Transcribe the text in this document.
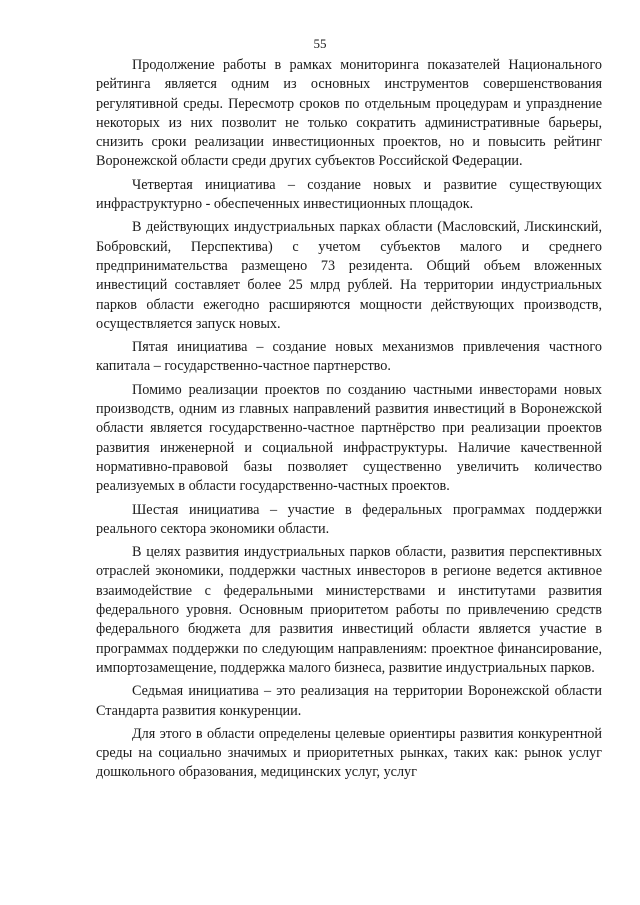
55

Продолжение работы в рамках мониторинга показателей Национального рейтинга является одним из основных инструментов совершенствования регулятивной среды. Пересмотр сроков по отдельным процедурам и упразднение некоторых из них позволит не только сократить административные барьеры, снизить сроки реализации инвестиционных проектов, но и повысить рейтинг Воронежской области среди других субъектов Российской Федерации.

Четвертая инициатива – создание новых и развитие существующих инфраструктурно - обеспеченных инвестиционных площадок.

В действующих индустриальных парках области (Масловский, Лискинский, Бобровский, Перспектива) с учетом субъектов малого и среднего предпринимательства размещено 73 резидента. Общий объем вложенных инвестиций составляет более 25 млрд рублей. На территории индустриальных парков области ежегодно расширяются мощности действующих производств, осуществляется запуск новых.

Пятая инициатива – создание новых механизмов привлечения частного капитала – государственно-частное партнерство.

Помимо реализации проектов по созданию частными инвесторами новых производств, одним из главных направлений развития инвестиций в Воронежской области является государственно-частное партнёрство при реализации проектов развития инженерной и социальной инфраструктуры. Наличие качественной нормативно-правовой базы позволяет существенно увеличить количество реализуемых в области государственно-частных проектов.

Шестая инициатива – участие в федеральных программах поддержки реального сектора экономики области.

В целях развития индустриальных парков области, развития перспективных отраслей экономики, поддержки частных инвесторов в регионе ведется активное взаимодействие с федеральными министерствами и институтами развития федерального уровня. Основным приоритетом работы по привлечению средств федерального бюджета для развития инвестиций области является участие в программах поддержки по следующим направлениям: проектное финансирование, импортозамещение, поддержка малого бизнеса, развитие индустриальных парков.

Седьмая инициатива – это реализация на территории Воронежской области Стандарта развития конкуренции.

Для этого в области определены целевые ориентиры развития конкурентной среды на социально значимых и приоритетных рынках, таких как: рынок услуг дошкольного образования, медицинских услуг, услуг
